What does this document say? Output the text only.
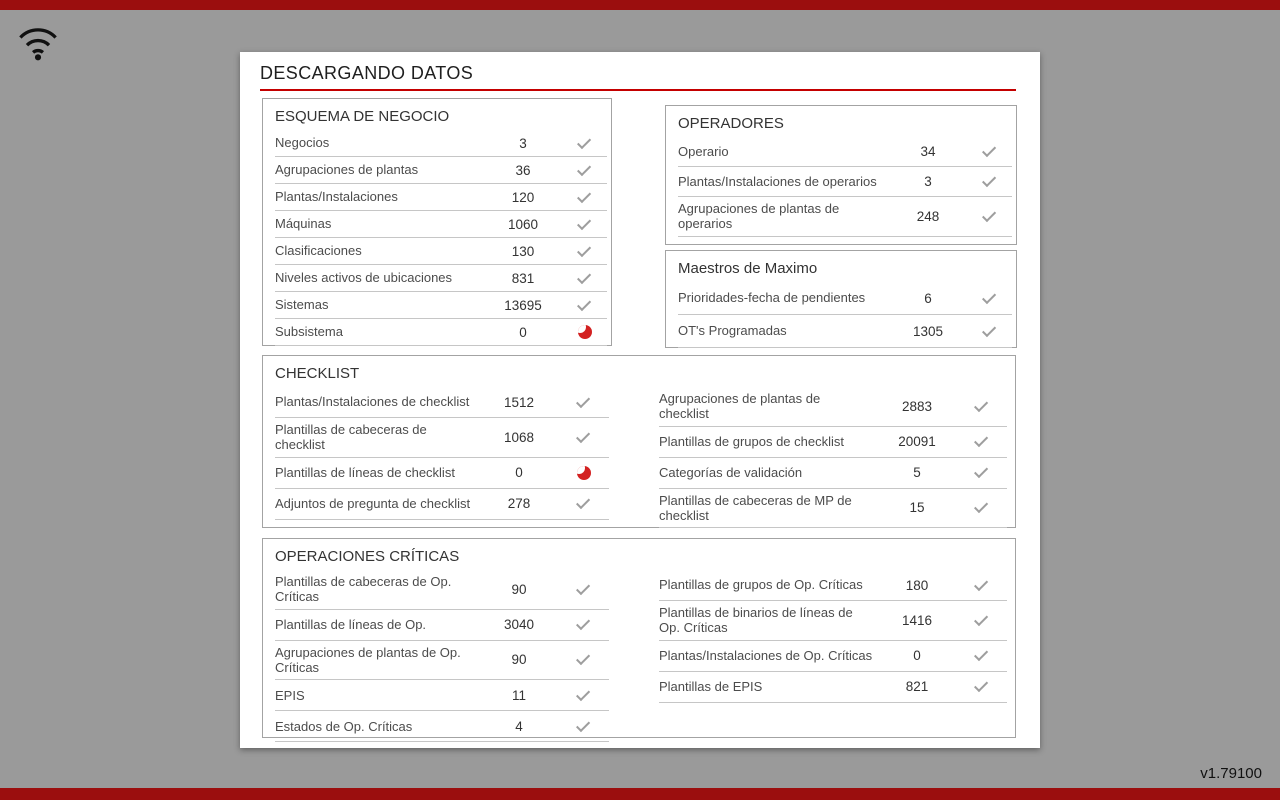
DESCARGANDO DATOS
ESQUEMA DE NEGOCIO
Negocios	3
Agrupaciones de plantas	36
Plantas/Instalaciones	120
Máquinas	1060
Clasificaciones	130
Niveles activos de ubicaciones	831
Sistemas	13695
Subsistema	0
OPERADORES
Operario	34
Plantas/Instalaciones de operarios	3
Agrupaciones de plantas de operarios	248
Maestros de Maximo
Prioridades-fecha de pendientes	6
OT's Programadas	1305
CHECKLIST
Plantas/Instalaciones de checklist	1512
Plantillas de cabeceras de checklist	1068
Plantillas de líneas de checklist	0
Adjuntos de pregunta de checklist	278
Agrupaciones de plantas de checklist	2883
Plantillas de grupos de checklist	20091
Categorías de validación	5
Plantillas de cabeceras de MP de checklist	15
OPERACIONES CRÍTICAS
Plantillas de cabeceras de Op. Críticas	90
Plantillas de líneas de Op.	3040
Agrupaciones de plantas de Op. Críticas	90
EPIS	11
Estados de Op. Críticas	4
Plantillas de grupos de Op. Críticas	180
Plantillas de binarios de líneas de Op. Críticas	1416
Plantas/Instalaciones de Op. Críticas	0
Plantillas de EPIS	821
v1.79100
